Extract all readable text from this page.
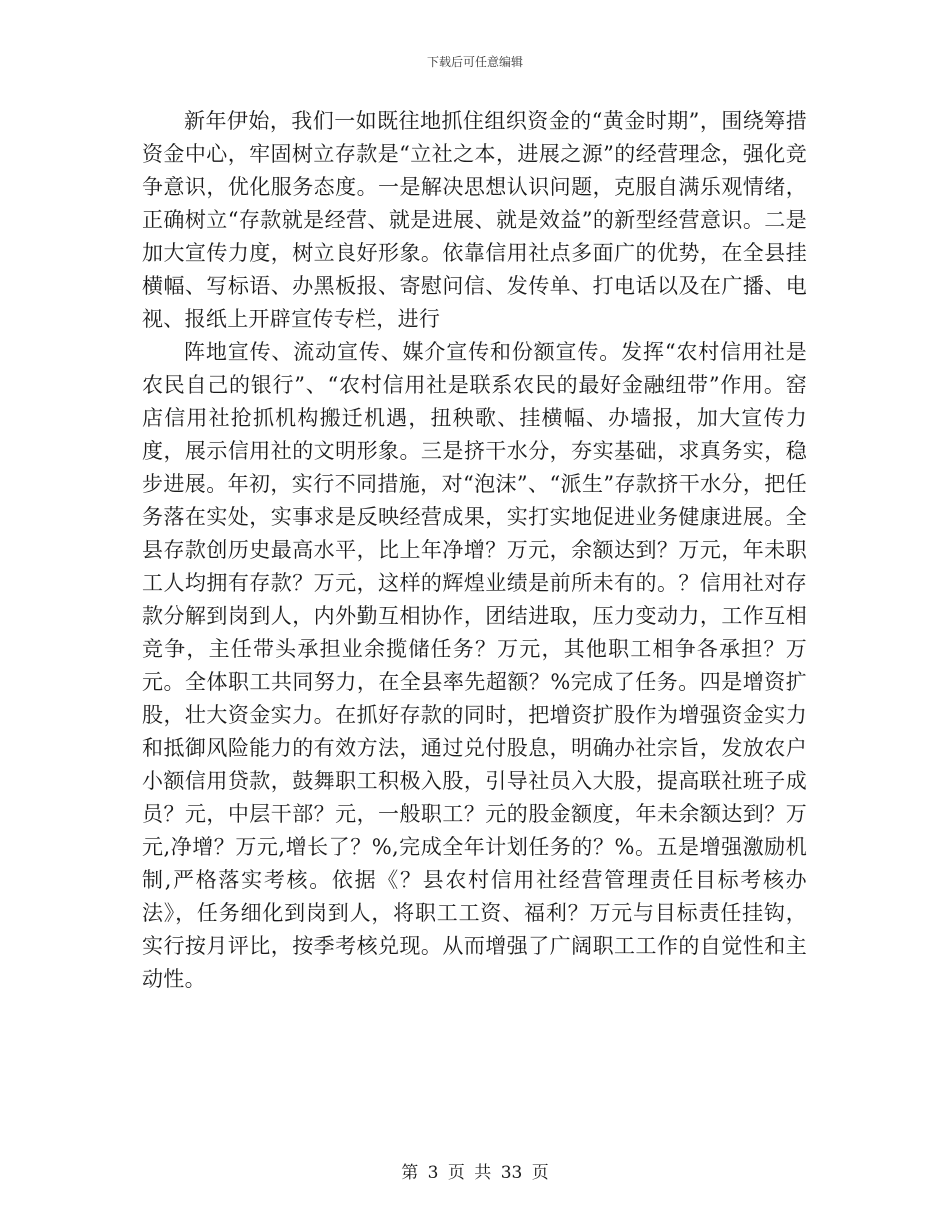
下载后可任意编辑

新年伊始，我们一如既往地抓住组织资金的“黄金时期”，围绕筹措资金中心，牢固树立存款是“立社之本，进展之源”的经营理念，强化竞争意识，优化服务态度。一是解决思想认识问题，克服自满乐观情绪，正确树立“存款就是经营、就是进展、就是效益”的新型经营意识。二是加大宣传力度，树立良好形象。依靠信用社点多面广的优势，在全县挂横幅、写标语、办黑板报、寄慰问信、发传单、打电话以及在广播、电视、报纸上开辟宣传专栏，进行

阵地宣传、流动宣传、媒介宣传和份额宣传。发挥“农村信用社是农民自己的银行”、“农村信用社是联系农民的最好金融纽带”作用。窑店信用社抢抓机构搬迁机遇，扭秧歌、挂横幅、办墙报，加大宣传力度，展示信用社的文明形象。三是挤干水分，夯实基础，求真务实，稳步进展。年初，实行不同措施，对“泡沫”、“派生”存款挤干水分，把任务落在实处，实事求是反映经营成果，实打实地促进业务健康进展。全县存款创历史最高水平，比上年净增？万元，余额达到？万元，年未职工人均拥有存款？万元，这样的辉煌业绩是前所未有的。？信用社对存款分解到岗到人，内外勤互相协作，团结进取，压力变动力，工作互相竞争，主任带头承担业余揽储任务？万元，其他职工相争各承担？万元。全体职工共同努力，在全县率先超额？%完成了任务。四是增资扩股，壮大资金实力。在抓好存款的同时，把增资扩股作为增强资金实力和抵御风险能力的有效方法，通过兑付股息，明确办社宗旨，发放农户小额信用贷款，鼓舞职工积极入股，引导社员入大股，提高联社班子成员？元，中层干部？元，一般职工？元的股金额度，年未余额达到？万元,净增？万元,增长了？%,完成全年计划任务的？%。五是增强激励机制,严格落实考核。依据《？县农村信用社经营管理责任目标考核办法》，任务细化到岗到人，将职工工资、福利？万元与目标责任挂钩，实行按月评比，按季考核兑现。从而增强了广阔职工工作的自觉性和主动性。

第 3 页 共 33 页
